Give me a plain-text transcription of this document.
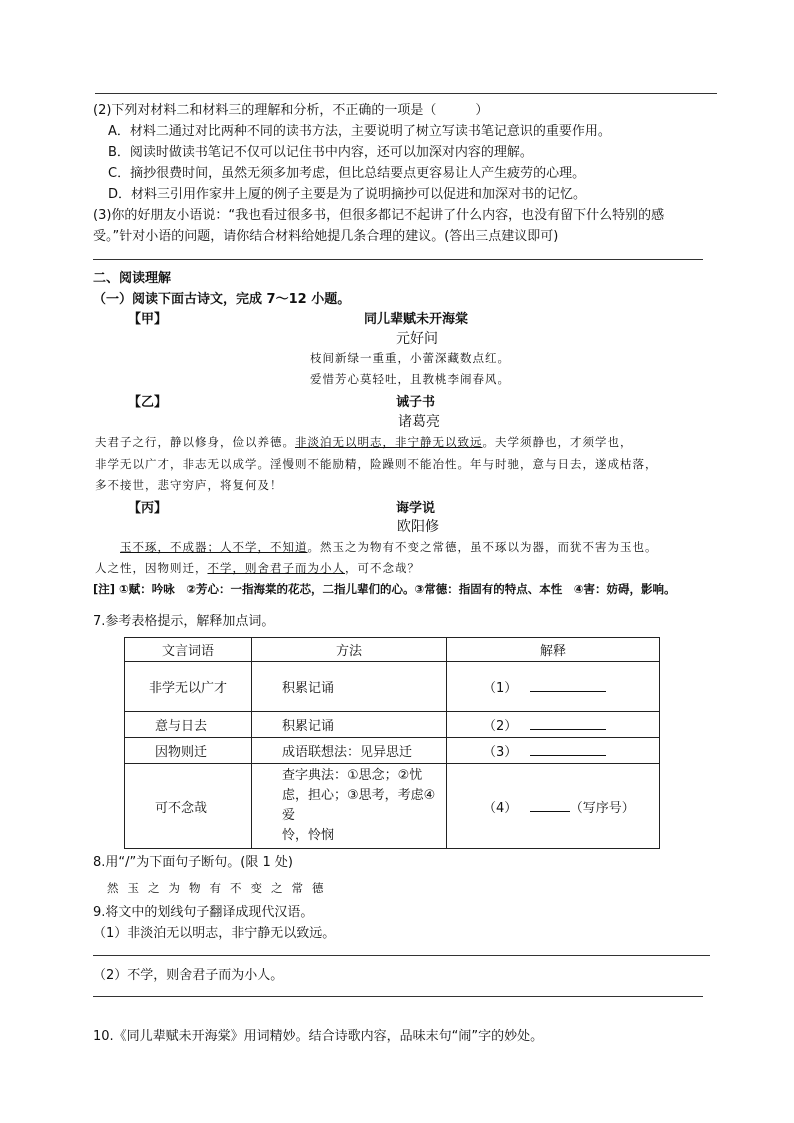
(2)下列对材料二和材料三的理解和分析，不正确的一项是（　　　）
A．材料二通过对比两种不同的读书方法，主要说明了树立写读书笔记意识的重要作用。
B．阅读时做读书笔记不仅可以记住书中内容，还可以加深对内容的理解。
C．摘抄很费时间，虽然无须多加考虑，但比总结要点更容易让人产生疲劳的心理。
D．材料三引用作家井上厦的例子主要是为了说明摘抄可以促进和加深对书的记忆。
(3)你的好朋友小语说：“我也看过很多书，但很多都记不起讲了什么内容，也没有留下什么特别的感
受。”针对小语的问题，请你结合材料给她提几条合理的建议。(答出三点建议即可)
二、阅读理解
（一）阅读下面古诗文，完成 7～12 小题。
【甲】	同儿辈赋未开海棠
元好问
枝间新绿一重重，小蕾深藏数点红。
爱惜芳心莫轻吐，且教桃李闹春风。
【乙】	诫子书
诸葛亮
夫君子之行，静以修身，俭以养德。非淡泊无以明志，非宁静无以致远。夫学须静也，才须学也，
非学无以广才，非志无以成学。淫慢则不能励精，险躁则不能冶性。年与时驰，意与日去，遂成枯落，
多不接世，悲守穷庐，将复何及！
【丙】	诲学说
欧阳修
玉不琢，不成器；人不学，不知道。然玉之为物有不变之常德，虽不琢以为器，而犹不害为玉也。
人之性，因物则迁，不学，则舍君子而为小人，可不念哉？
[注] ①赋：吟咏　②芳心：一指海棠的花芯，二指儿辈们的心。③常德：指固有的特点、本性　④害：妨碍，影响。
7.参考表格提示，解释加点词。
文言词语	方法	解释
非学无以广才	积累记诵	（1）
意与日去	积累记诵	（2）
因物则迁	成语联想法：见异思迁	（3）
可不念哉	查字典法：①思念；②忧
虑，担心；③思考，考虑④爱
怜，怜悯	（4） （写序号）
8.用“/”为下面句子断句。(限 1 处)
然玉之为物有不变之常德
9.将文中的划线句子翻译成现代汉语。
（1）非淡泊无以明志，非宁静无以致远。
（2）不学，则舍君子而为小人。
10.《同儿辈赋未开海棠》用词精妙。结合诗歌内容，品味末句“闹”字的妙处。
